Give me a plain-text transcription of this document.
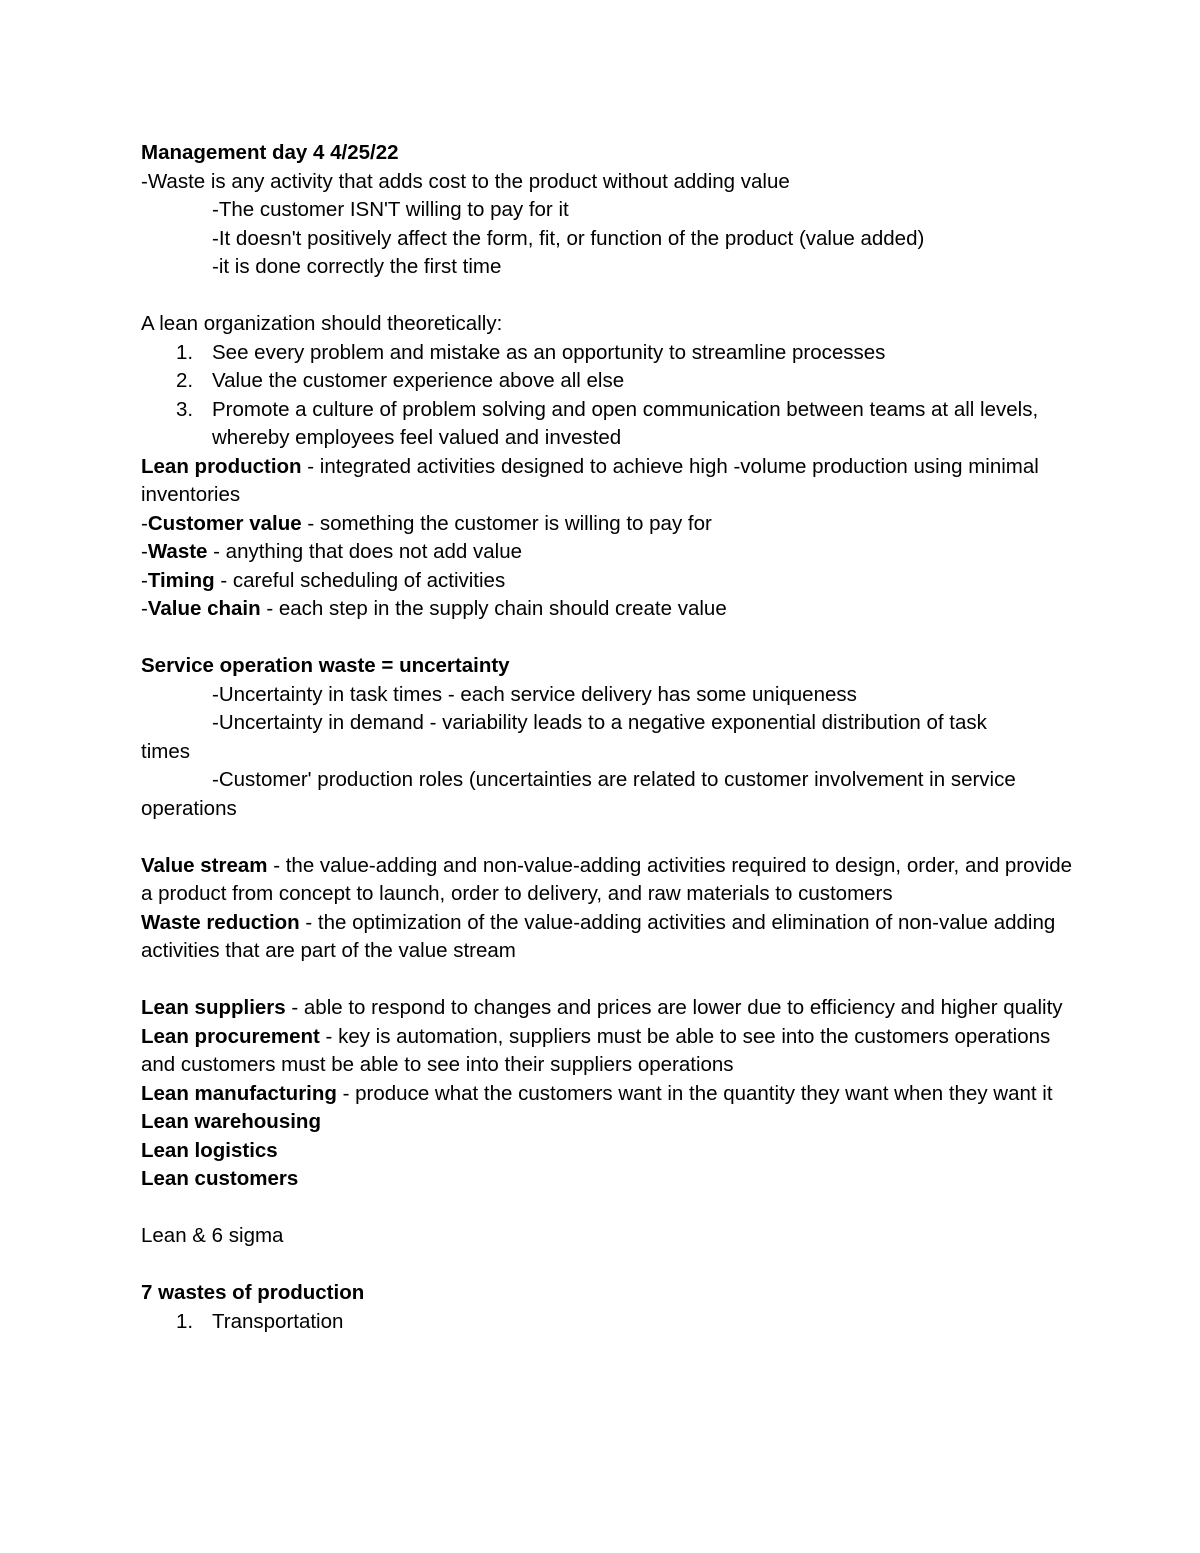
Management day 4 4/25/22

-Waste is any activity that adds cost to the product without adding value

-The customer ISN'T willing to pay for it

-It doesn't positively affect the form, fit, or function of the product (value added)

-it is done correctly the first time

A lean organization should theoretically:

1. See every problem and mistake as an opportunity to streamline processes
2. Value the customer experience above all else
3. Promote a culture of problem solving and open communication between teams at all levels, whereby employees feel valued and invested

Lean production - integrated activities designed to achieve high -volume production using minimal inventories

-Customer value - something the customer is willing to pay for

-Waste - anything that does not add value

-Timing - careful scheduling of activities

-Value chain - each step in the supply chain should create value

Service operation waste = uncertainty

-Uncertainty in task times - each service delivery has some uniqueness

-Uncertainty in demand - variability leads to a negative exponential distribution of task

times

-Customer' production roles (uncertainties are related to customer involvement in service

operations

Value stream - the value-adding and non-value-adding activities required to design, order, and provide a product from concept to launch, order to delivery, and raw materials to customers

Waste reduction - the optimization of the value-adding activities and elimination of non-value adding activities that are part of the value stream

Lean suppliers - able to respond to changes and prices are lower due to efficiency and higher quality

Lean procurement - key is automation, suppliers must be able to see into the customers operations and customers must be able to see into their suppliers operations

Lean manufacturing - produce what the customers want in the quantity they want when they want it

Lean warehousing

Lean logistics

Lean customers

Lean & 6 sigma

7 wastes of production

1. Transportation
